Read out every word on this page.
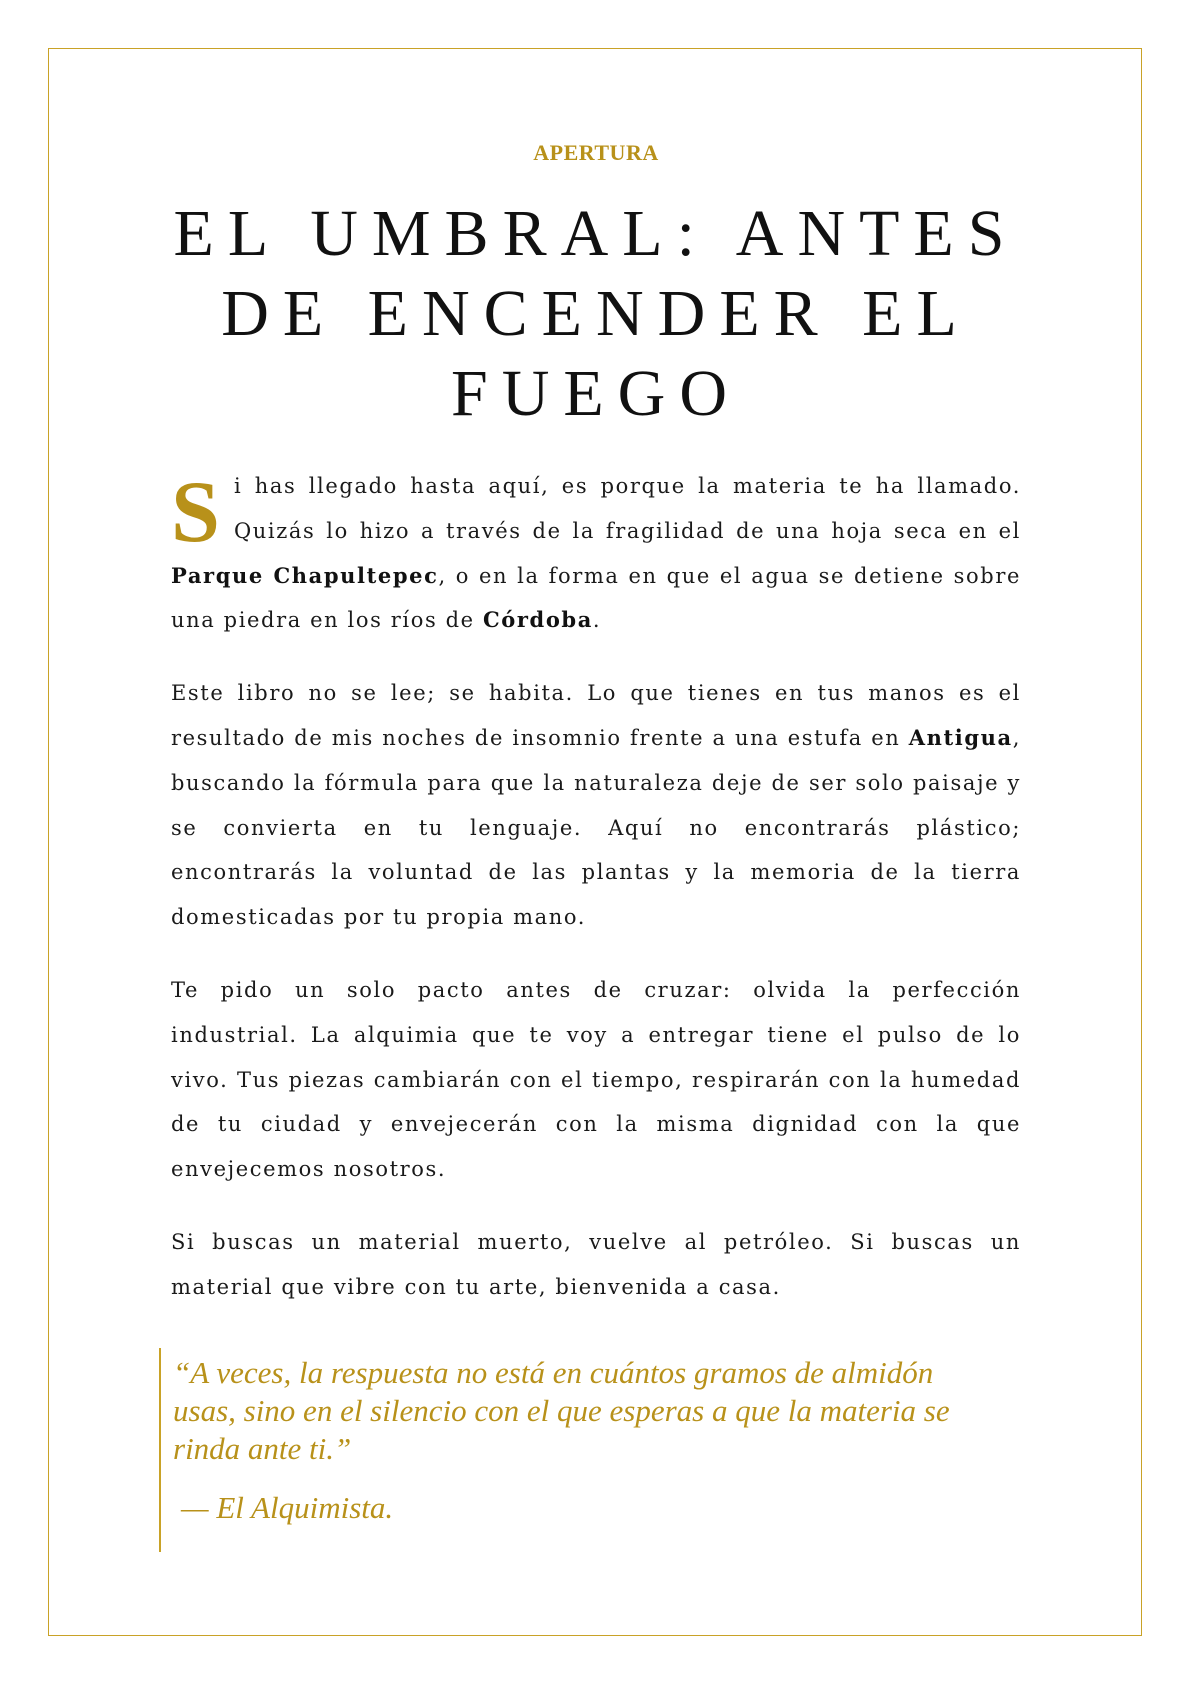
APERTURA
EL UMBRAL: ANTES DE ENCENDER EL FUEGO

Si has llegado hasta aquí, es porque la materia te ha llamado. Quizás lo hizo a través de la fragilidad de una hoja seca en el Parque Chapultepec, o en la forma en que el agua se detiene sobre una piedra en los ríos de Córdoba.

Este libro no se lee; se habita. Lo que tienes en tus manos es el resultado de mis noches de insomnio frente a una estufa en Antigua, buscando la fórmula para que la naturaleza deje de ser solo paisaje y se convierta en tu lenguaje. Aquí no encontrarás plástico; encontrarás la voluntad de las plantas y la memoria de la tierra domesticadas por tu propia mano.

Te pido un solo pacto antes de cruzar: olvida la perfección industrial. La alquimia que te voy a entregar tiene el pulso de lo vivo. Tus piezas cambiarán con el tiempo, respirarán con la humedad de tu ciudad y envejecerán con la misma dignidad con la que envejecemos nosotros.

Si buscas un material muerto, vuelve al petróleo. Si buscas un material que vibre con tu arte, bienvenida a casa.

“A veces, la respuesta no está en cuántos gramos de almidón usas, sino en el silencio con el que esperas a que la materia se rinda ante ti.”

— El Alquimista.
